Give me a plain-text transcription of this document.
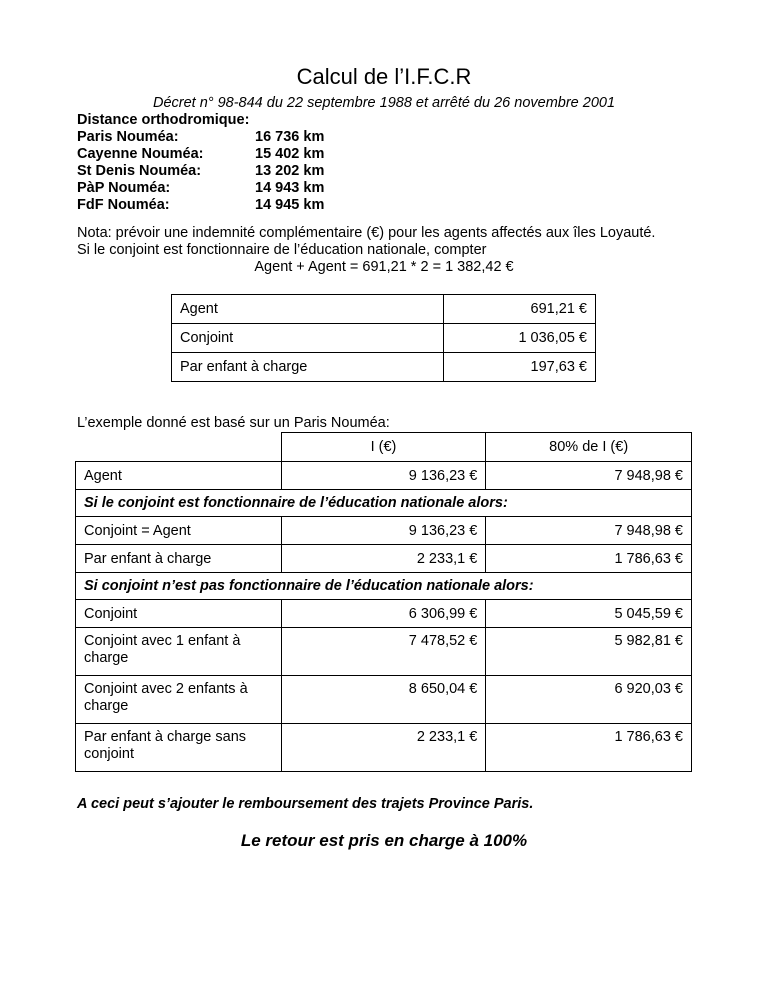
Calcul de l’I.F.C.R
Décret n° 98-844 du 22 septembre 1988 et arrêté du 26 novembre 2001
Distance orthodromique:
Paris Nouméa:	16 736 km
Cayenne Nouméa:	15 402 km
St Denis Nouméa:	13 202 km
PàP Nouméa:	14 943 km
FdF Nouméa:	14 945 km
Nota: prévoir une indemnité complémentaire (€) pour les agents affectés aux îles Loyauté.
Si le conjoint est fonctionnaire de l’éducation nationale, compter
Agent + Agent = 691,21 * 2 = 1 382,42 €
Agent	691,21 €
Conjoint	1 036,05 €
Par enfant à charge	197,63 €
L’exemple donné est basé sur un Paris Nouméa:
	I (€)	80% de I (€)
Agent	9 136,23 €	7 948,98 €
Si le conjoint est fonctionnaire de l’éducation nationale alors:		
Conjoint = Agent	9 136,23 €	7 948,98 €
Par enfant à charge	2 233,1 €	1 786,63 €
Si conjoint n’est pas fonctionnaire de l’éducation nationale alors:		
Conjoint	6 306,99 €	5 045,59 €
Conjoint avec 1 enfant à charge	7 478,52 €	5 982,81 €
Conjoint avec 2 enfants à charge	8 650,04 €	6 920,03 €
Par enfant à charge sans conjoint	2 233,1 €	1 786,63 €
A ceci peut s’ajouter le remboursement des trajets Province Paris.
Le retour est pris en charge à 100%
